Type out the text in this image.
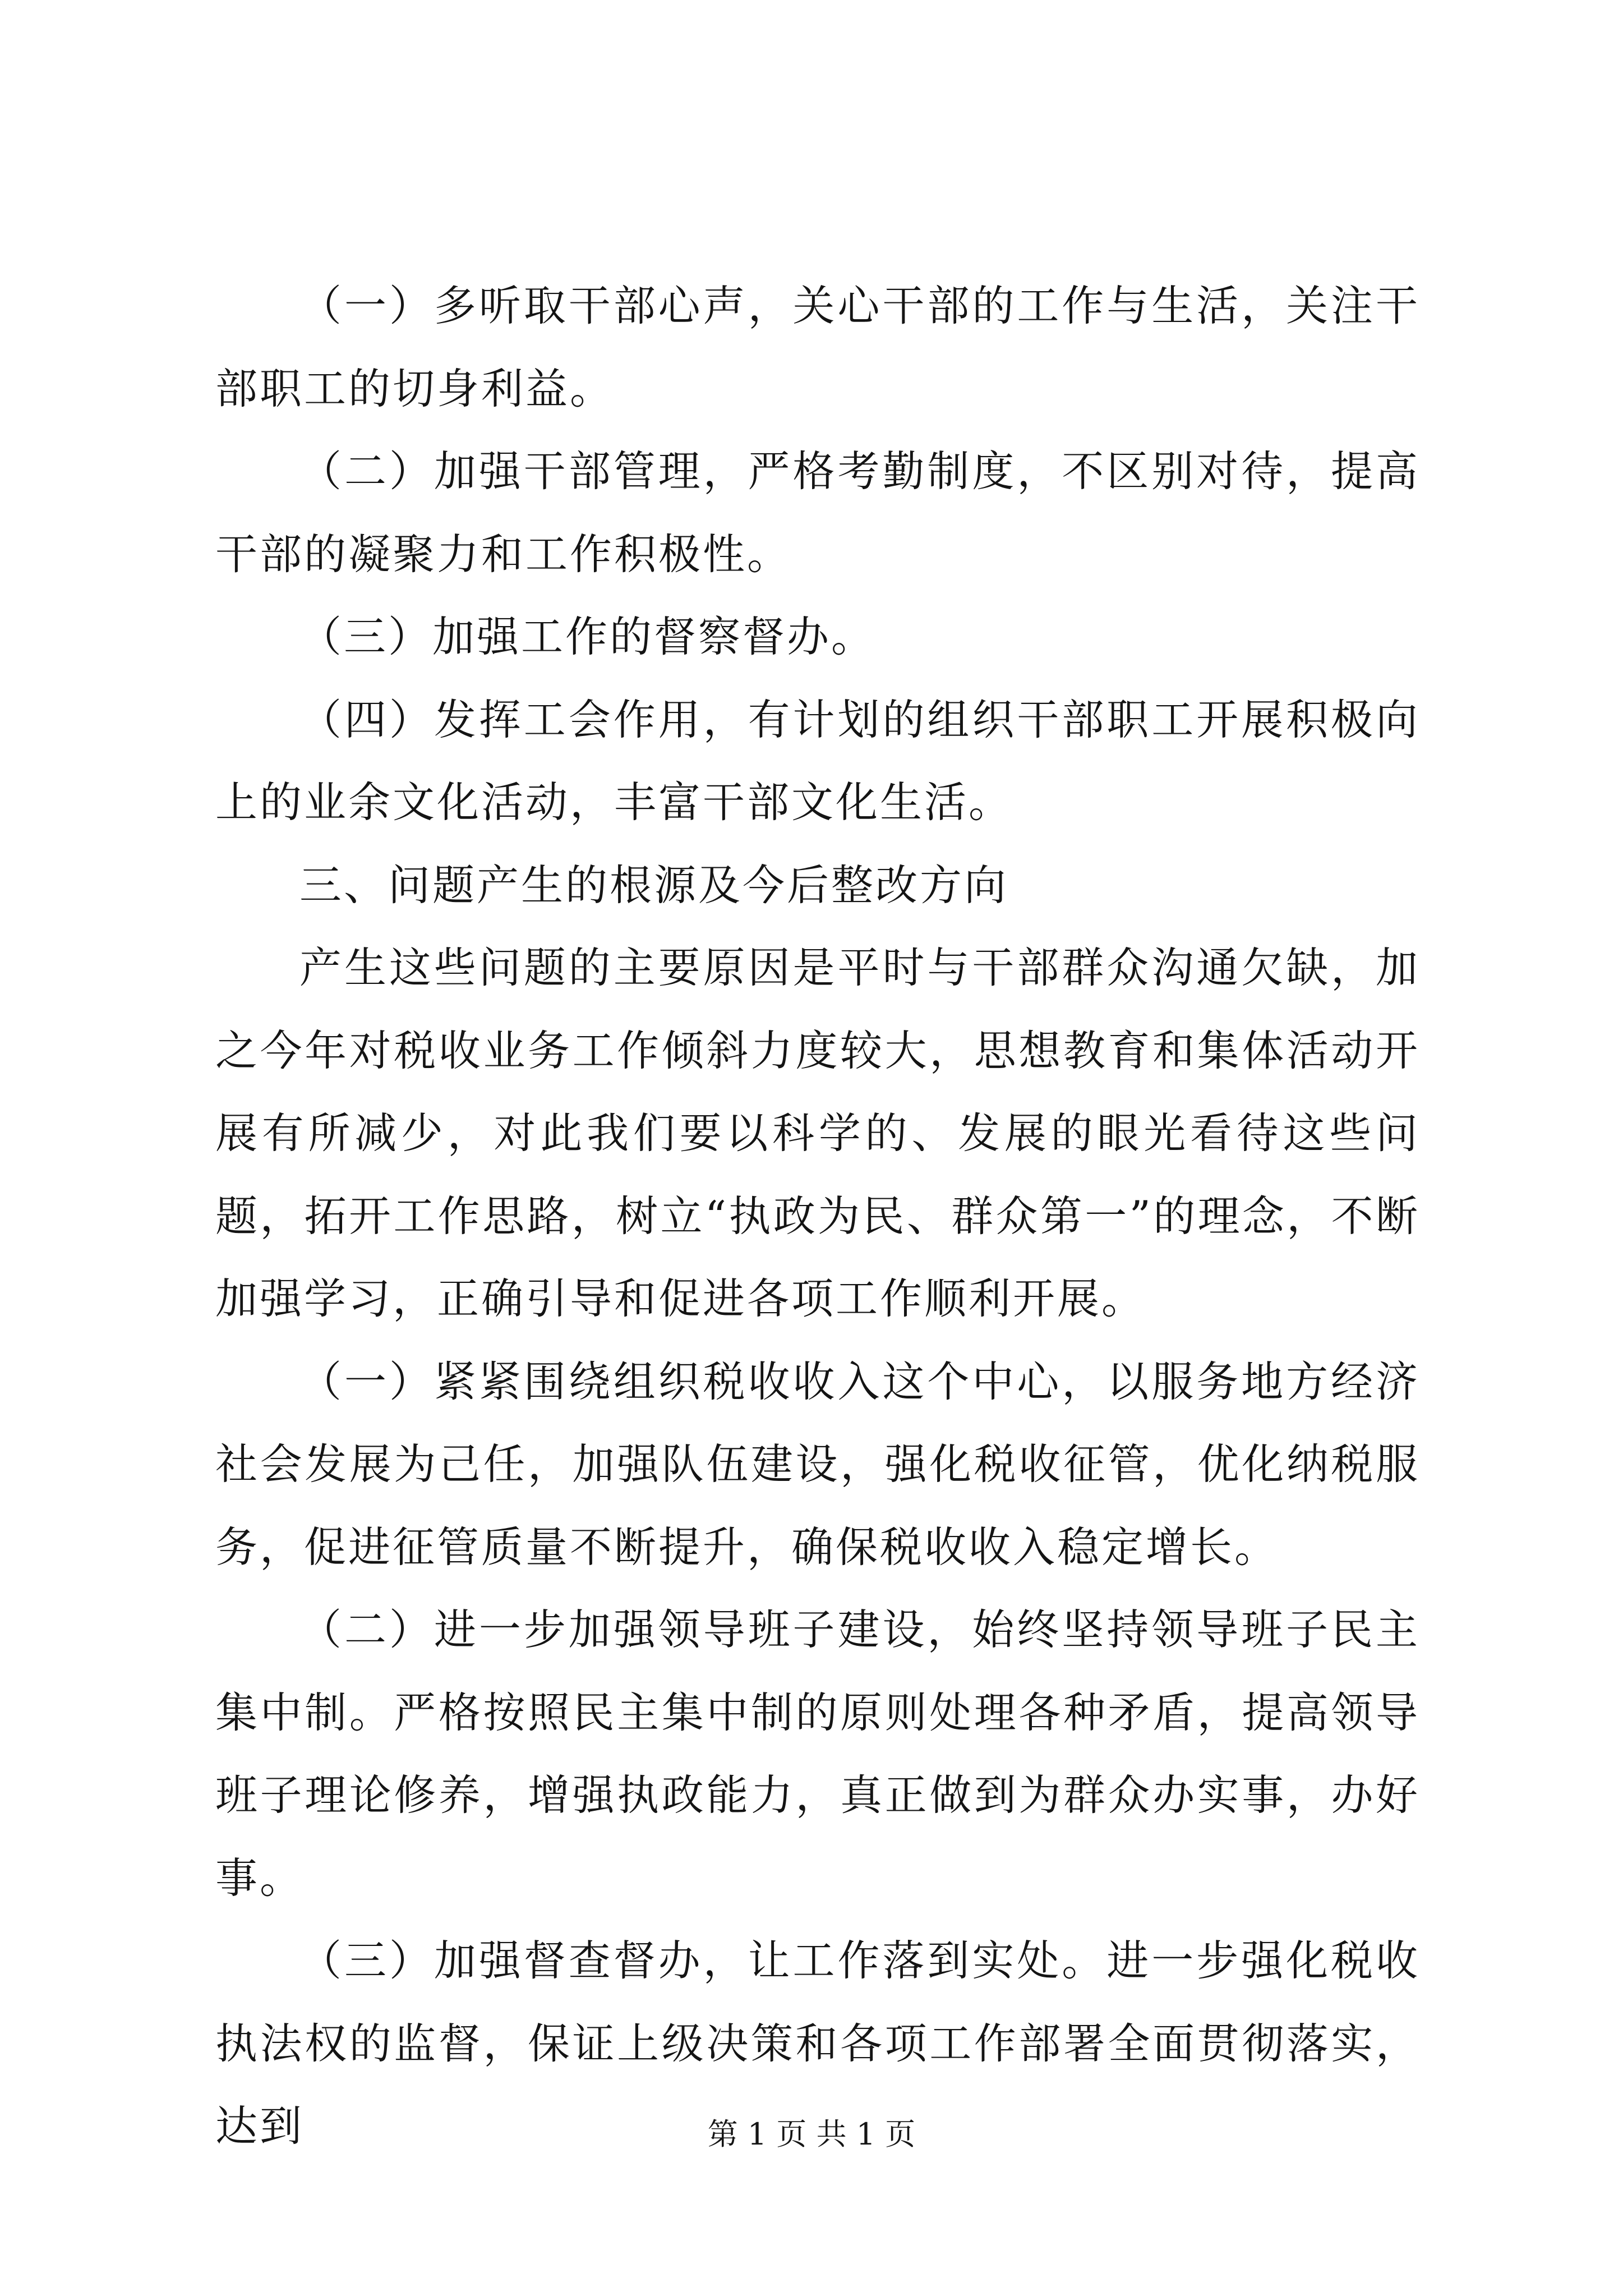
（一）多听取干部心声，关心干部的工作与生活，关注干部职工的切身利益。

（二）加强干部管理，严格考勤制度，不区别对待，提高干部的凝聚力和工作积极性。

（三）加强工作的督察督办。

（四）发挥工会作用，有计划的组织干部职工开展积极向上的业余文化活动，丰富干部文化生活。

三、问题产生的根源及今后整改方向

产生这些问题的主要原因是平时与干部群众沟通欠缺，加之今年对税收业务工作倾斜力度较大，思想教育和集体活动开展有所减少，对此我们要以科学的、发展的眼光看待这些问题，拓开工作思路，树立“执政为民、群众第一”的理念，不断加强学习，正确引导和促进各项工作顺利开展。

（一）紧紧围绕组织税收收入这个中心，以服务地方经济社会发展为己任，加强队伍建设，强化税收征管，优化纳税服务，促进征管质量不断提升，确保税收收入稳定增长。

（二）进一步加强领导班子建设，始终坚持领导班子民主集中制。严格按照民主集中制的原则处理各种矛盾，提高领导班子理论修养，增强执政能力，真正做到为群众办实事，办好事。

（三）加强督查督办，让工作落到实处。进一步强化税收执法权的监督，保证上级决策和各项工作部署全面贯彻落实，达到	第 1 页 共 1 页
